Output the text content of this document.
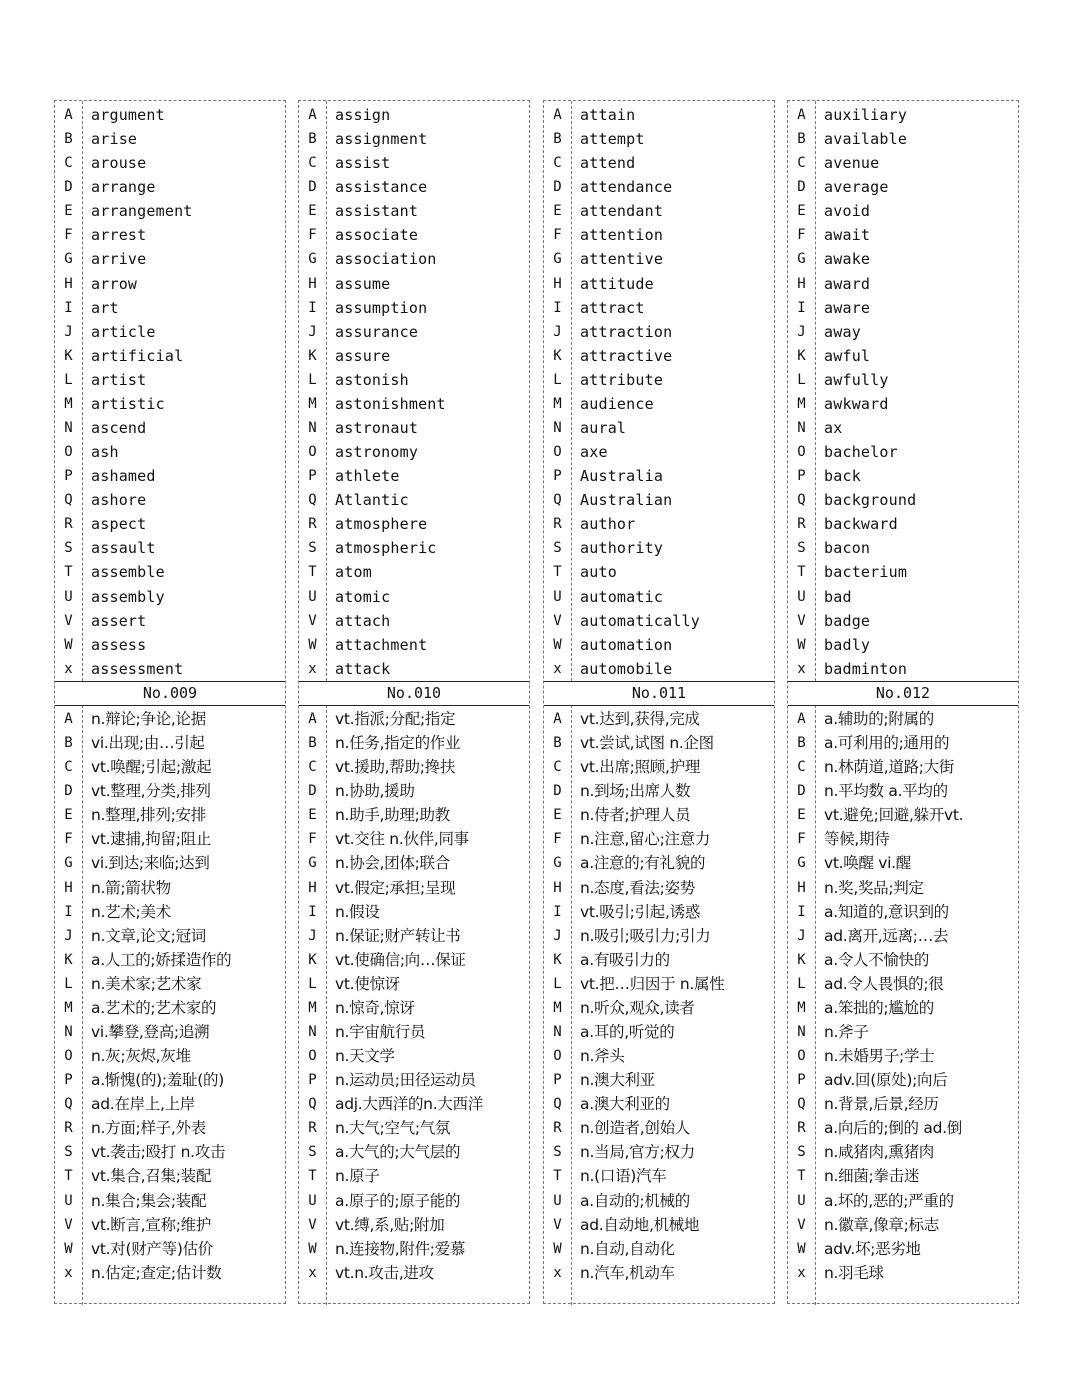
No.009
A	argument
B	arise
C	arouse
D	arrange
E	arrangement
F	arrest
G	arrive
H	arrow
I	art
J	article
K	artificial
L	artist
M	artistic
N	ascend
O	ash
P	ashamed
Q	ashore
R	aspect
S	assault
T	assemble
U	assembly
V	assert
W	assess
x	assessment
A	n.辩论;争论,论据
B	vi.出现;由…引起
C	vt.唤醒;引起;激起
D	vt.整理,分类,排列
E	n.整理,排列;安排
F	vt.逮捕,拘留;阻止
G	vi.到达;来临;达到
H	n.箭;箭状物
I	n.艺术;美术
J	n.文章,论文;冠词
K	a.人工的;娇揉造作的
L	n.美术家;艺术家
M	a.艺术的;艺术家的
N	vi.攀登,登高;追溯
O	n.灰;灰烬,灰堆
P	a.惭愧(的);羞耻(的)
Q	ad.在岸上,上岸
R	n.方面;样子,外表
S	vt.袭击;殴打 n.攻击
T	vt.集合,召集;装配
U	n.集合;集会;装配
V	vt.断言,宣称;维护
W	vt.对(财产等)估价
x	n.估定;查定;估计数
No.010
A	assign
B	assignment
C	assist
D	assistance
E	assistant
F	associate
G	association
H	assume
I	assumption
J	assurance
K	assure
L	astonish
M	astonishment
N	astronaut
O	astronomy
P	athlete
Q	Atlantic
R	atmosphere
S	atmospheric
T	atom
U	atomic
V	attach
W	attachment
x	attack
A	vt.指派;分配;指定
B	n.任务,指定的作业
C	vt.援助,帮助;搀扶
D	n.协助,援助
E	n.助手,助理;助教
F	vt.交往 n.伙伴,同事
G	n.协会,团体;联合
H	vt.假定;承担;呈现
I	n.假设
J	n.保证;财产转让书
K	vt.使确信;向…保证
L	vt.使惊讶
M	n.惊奇,惊讶
N	n.宇宙航行员
O	n.天文学
P	n.运动员;田径运动员
Q	adj.大西洋的n.大西洋
R	n.大气;空气;气氛
S	a.大气的;大气层的
T	n.原子
U	a.原子的;原子能的
V	vt.缚,系,贴;附加
W	n.连接物,附件;爱慕
x	vt.n.攻击,进攻
No.011
A	attain
B	attempt
C	attend
D	attendance
E	attendant
F	attention
G	attentive
H	attitude
I	attract
J	attraction
K	attractive
L	attribute
M	audience
N	aural
O	axe
P	Australia
Q	Australian
R	author
S	authority
T	auto
U	automatic
V	automatically
W	automation
x	automobile
A	vt.达到,获得,完成
B	vt.尝试,试图 n.企图
C	vt.出席;照顾,护理
D	n.到场;出席人数
E	n.侍者;护理人员
F	n.注意,留心;注意力
G	a.注意的;有礼貌的
H	n.态度,看法;姿势
I	vt.吸引;引起,诱惑
J	n.吸引;吸引力;引力
K	a.有吸引力的
L	vt.把…归因于 n.属性
M	n.听众,观众,读者
N	a.耳的,听觉的
O	n.斧头
P	n.澳大利亚
Q	a.澳大利亚的
R	n.创造者,创始人
S	n.当局,官方;权力
T	n.(口语)汽车
U	a.自动的;机械的
V	ad.自动地,机械地
W	n.自动,自动化
x	n.汽车,机动车
No.012
A	auxiliary
B	available
C	avenue
D	average
E	avoid
F	await
G	awake
H	award
I	aware
J	away
K	awful
L	awfully
M	awkward
N	ax
O	bachelor
P	back
Q	background
R	backward
S	bacon
T	bacterium
U	bad
V	badge
W	badly
x	badminton
A	a.辅助的;附属的
B	a.可利用的;通用的
C	n.林荫道,道路;大街
D	n.平均数 a.平均的
E	vt.避免;回避,躲开vt.
F	等候,期待
G	vt.唤醒 vi.醒
H	n.奖,奖品;判定
I	a.知道的,意识到的
J	ad.离开,远离;…去
K	a.令人不愉快的
L	ad.令人畏惧的;很
M	a.笨拙的;尴尬的
N	n.斧子
O	n.未婚男子;学士
P	adv.回(原处);向后
Q	n.背景,后景,经历
R	a.向后的;倒的 ad.倒
S	n.咸猪肉,熏猪肉
T	n.细菌;拳击迷
U	a.坏的,恶的;严重的
V	n.徽章,像章;标志
W	adv.坏;恶劣地
x	n.羽毛球
